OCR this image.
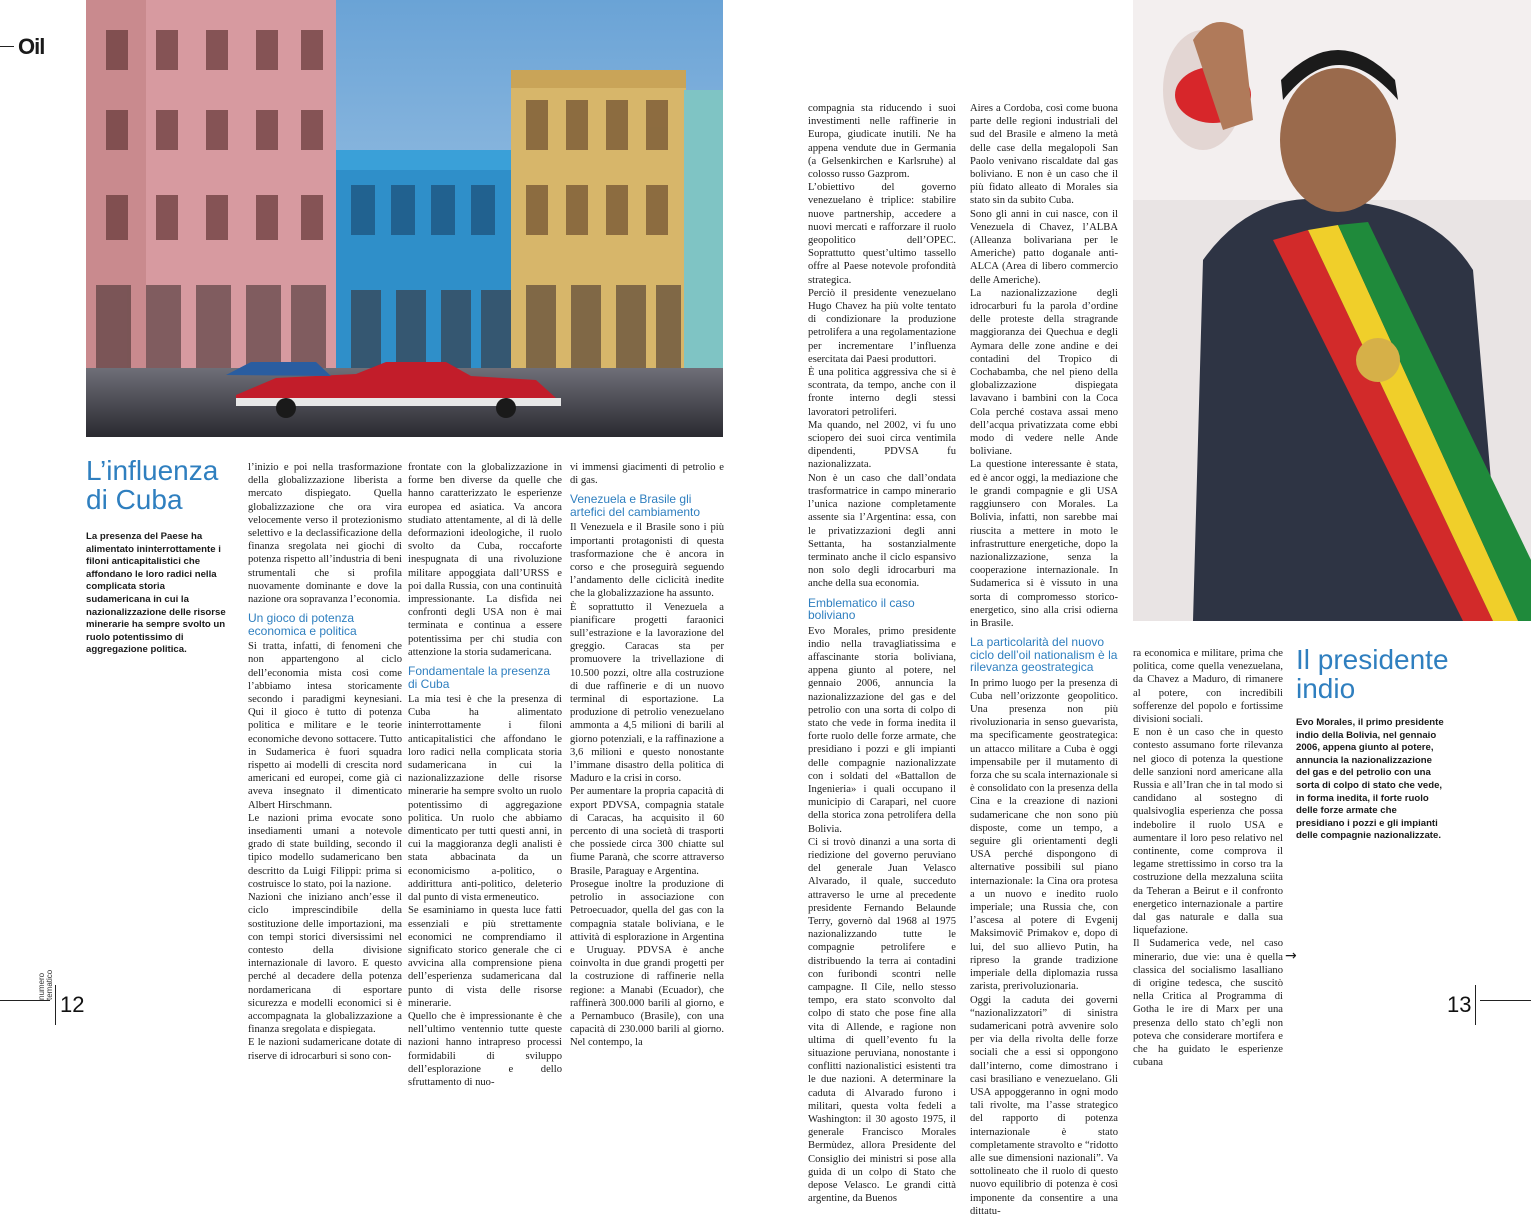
Oil
L’influenza di Cuba
La presenza del Paese ha alimentato ininterrottamente i filoni anticapitalistici che affondano le loro radici nella complicata storia sudamericana in cui la nazionalizzazione delle risorse minerarie ha sempre svolto un ruolo potentissimo di aggregazione politica.

l’inizio e poi nella trasformazione della globalizzazione liberista a mercato dispiegato. Quella globalizzazione che ora vira velocemente verso il protezionismo selettivo e la declassificazione della finanza sregolata nei giochi di potenza rispetto all’industria di beni strumentali che si profila nuovamente dominante e dove la nazione ora sopravanza l’economia.

Un gioco di potenza economica e politica

Si tratta, infatti, di fenomeni che non appartengono al ciclo dell’economia mista così come l’abbiamo intesa storicamente secondo i paradigmi keynesiani. Qui il gioco è tutto di potenza politica e militare e le teorie economiche devono sottacere. Tutto in Sudamerica è fuori squadra rispetto ai modelli di crescita nord americani ed europei, come già ci aveva insegnato il dimenticato Albert Hirschmann.

Le nazioni prima evocate sono insediamenti umani a notevole grado di state building, secondo il tipico modello sudamericano ben descritto da Luigi Filippi: prima si costruisce lo stato, poi la nazione.

Nazioni che iniziano anch’esse il ciclo imprescindibile della sostituzione delle importazioni, ma con tempi storici diversissimi nel contesto della divisione internazionale di lavoro. E questo perché al decadere della potenza nordamericana di esportare sicurezza e modelli economici si è accompagnata la globalizzazione a finanza sregolata e dispiegata.

E le nazioni sudamericane dotate di riserve di idrocarburi si sono con-

frontate con la globalizzazione in forme ben diverse da quelle che hanno caratterizzato le esperienze europea ed asiatica. Va ancora studiato attentamente, al di là delle deformazioni ideologiche, il ruolo svolto da Cuba, roccaforte inespugnata di una rivoluzione militare appoggiata dall’URSS e poi dalla Russia, con una continuità impressionante. La disfida nei confronti degli USA non è mai terminata e continua a essere potentissima per chi studia con attenzione la storia sudamericana.

Fondamentale la presenza di Cuba

La mia tesi è che la presenza di Cuba ha alimentato ininterrottamente i filoni anticapitalistici che affondano le loro radici nella complicata storia sudamericana in cui la nazionalizzazione delle risorse minerarie ha sempre svolto un ruolo potentissimo di aggregazione politica. Un ruolo che abbiamo dimenticato per tutti questi anni, in cui la maggioranza degli analisti è stata abbacinata da un economicismo a-politico, o addirittura anti-politico, deleterio dal punto di vista ermeneutico.

Se esaminiamo in questa luce fatti essenziali e più strettamente economici ne comprendiamo il significato storico generale che ci avvicina alla comprensione piena dell’esperienza sudamericana dal punto di vista delle risorse minerarie.

Quello che è impressionante è che nell’ultimo ventennio tutte queste nazioni hanno intrapreso processi formidabili di sviluppo dell’esplorazione e dello sfruttamento di nuo-

vi immensi giacimenti di petrolio e di gas.

Venezuela e Brasile gli artefici del cambiamento

Il Venezuela e il Brasile sono i più importanti protagonisti di questa trasformazione che è ancora in corso e che proseguirà seguendo l’andamento delle ciclicità inedite che la globalizzazione ha assunto.

È soprattutto il Venezuela a pianificare progetti faraonici sull’estrazione e la lavorazione del greggio. Caracas sta per promuovere la trivellazione di 10.500 pozzi, oltre alla costruzione di due raffinerie e di un nuovo terminal di esportazione. La produzione di petrolio venezuelano ammonta a 4,5 milioni di barili al giorno potenziali, e la raffinazione a 3,6 milioni e questo nonostante l’immane disastro della politica di Maduro e la crisi in corso.

Per aumentare la propria capacità di export PDVSA, compagnia statale di Caracas, ha acquisito il 60 percento di una società di trasporti che possiede circa 300 chiatte sul fiume Paranà, che scorre attraverso Brasile, Paraguay e Argentina.

Prosegue inoltre la produzione di petrolio in associazione con Petroecuador, quella del gas con la compagnia statale boliviana, e le attività di esplorazione in Argentina e Uruguay. PDVSA è anche coinvolta in due grandi progetti per la costruzione di raffinerie nella regione: a Manabì (Ecuador), che raffinerà 300.000 barili al giorno, e a Pernambuco (Brasile), con una capacità di 230.000 barili al giorno. Nel contempo, la

numero tematico
12

compagnia sta riducendo i suoi investimenti nelle raffinerie in Europa, giudicate inutili. Ne ha appena vendute due in Germania (a Gelsenkirchen e Karlsruhe) al colosso russo Gazprom.

L’obiettivo del governo venezuelano è triplice: stabilire nuove partnership, accedere a nuovi mercati e rafforzare il ruolo geopolitico dell’OPEC. Soprattutto quest’ultimo tassello offre al Paese notevole profondità strategica.

Perciò il presidente venezuelano Hugo Chavez ha più volte tentato di condizionare la produzione petrolifera a una regolamentazione per incrementare l’influenza esercitata dai Paesi produttori.

È una politica aggressiva che si è scontrata, da tempo, anche con il fronte interno degli stessi lavoratori petroliferi.

Ma quando, nel 2002, vi fu uno sciopero dei suoi circa ventimila dipendenti, PDVSA fu nazionalizzata.

Non è un caso che dall’ondata trasformatrice in campo minerario l’unica nazione completamente assente sia l’Argentina: essa, con le privatizzazioni degli anni Settanta, ha sostanzialmente terminato anche il ciclo espansivo non solo degli idrocarburi ma anche della sua economia.

Emblematico il caso boliviano

Evo Morales, primo presidente indio nella travagliatissima e affascinante storia boliviana, appena giunto al potere, nel gennaio 2006, annuncia la nazionalizzazione del gas e del petrolio con una sorta di colpo di stato che vede in forma inedita il forte ruolo delle forze armate, che presidiano i pozzi e gli impianti delle compagnie nazionalizzate con i soldati del «Battallon de Ingenieria» i quali occupano il municipio di Carapari, nel cuore della storica zona petrolifera della Bolivia.

Ci si trovò dinanzi a una sorta di riedizione del governo peruviano del generale Juan Velasco Alvarado, il quale, succeduto attraverso le urne al precedente presidente Fernando Belaunde Terry, governò dal 1968 al 1975 nazionalizzando tutte le compagnie petrolifere e distribuendo la terra ai contadini con furibondi scontri nelle campagne. Il Cile, nello stesso tempo, era stato sconvolto dal colpo di stato che pose fine alla vita di Allende, e ragione non ultima di quell’evento fu la situazione peruviana, nonostante i conflitti nazionalistici esistenti tra le due nazioni. A determinare la caduta di Alvarado furono i militari, questa volta fedeli a Washington: il 30 agosto 1975, il generale Francisco Morales Bermùdez, allora Presidente del Consiglio dei ministri si pose alla guida di un colpo di Stato che depose Velasco. Le grandi città argentine, da Buenos

Aires a Cordoba, così come buona parte delle regioni industriali del sud del Brasile e almeno la metà delle case della megalopoli San Paolo venivano riscaldate dal gas boliviano. E non è un caso che il più fidato alleato di Morales sia stato sin da subito Cuba.

Sono gli anni in cui nasce, con il Venezuela di Chavez, l’ALBA (Alleanza bolivariana per le Americhe) patto doganale anti-ALCA (Area di libero commercio delle Americhe).

La nazionalizzazione degli idrocarburi fu la parola d’ordine delle proteste della stragrande maggioranza dei Quechua e degli Aymara delle zone andine e dei contadini del Tropico di Cochabamba, che nel pieno della globalizzazione dispiegata lavavano i bambini con la Coca Cola perché costava assai meno dell’acqua privatizzata come ebbi modo di vedere nelle Ande boliviane.

La questione interessante è stata, ed è ancor oggi, la mediazione che le grandi compagnie e gli USA raggiunsero con Morales. La Bolivia, infatti, non sarebbe mai riuscita a mettere in moto le infrastrutture energetiche, dopo la nazionalizzazione, senza la cooperazione internazionale. In Sudamerica si è vissuto in una sorta di compromesso storico-energetico, sino alla crisi odierna in Brasile.

La particolarità del nuovo ciclo dell’oil nationalism è la rilevanza geostrategica

In primo luogo per la presenza di Cuba nell’orizzonte geopolitico. Una presenza non più rivoluzionaria in senso guevarista, ma specificamente geostrategica: un attacco militare a Cuba è oggi impensabile per il mutamento di forza che su scala internazionale si è consolidato con la presenza della Cina e la creazione di nazioni sudamericane che non sono più disposte, come un tempo, a seguire gli orientamenti degli USA perché dispongono di alternative possibili sul piano internazionale: la Cina ora protesa a un nuovo e inedito ruolo imperiale; una Russia che, con l’ascesa al potere di Evgenij Maksimovič Primakov e, dopo di lui, del suo allievo Putin, ha ripreso la grande tradizione imperiale della diplomazia russa zarista, prerivoluzionaria.

Oggi la caduta dei governi “nazionalizzatori” di sinistra sudamericani potrà avvenire solo per via della rivolta delle forze sociali che a essi si oppongono dall’interno, come dimostrano i casi brasiliano e venezuelano. Gli USA appoggeranno in ogni modo tali rivolte, ma l’asse strategico del rapporto di potenza internazionale è stato completamente stravolto e “ridotto alle sue dimensioni nazionali”. Va sottolineato che il ruolo di questo nuovo equilibrio di potenza è così imponente da consentire a una dittatu-

Il presidente indio
Evo Morales, il primo presidente indio della Bolivia, nel gennaio 2006, appena giunto al potere, annuncia la nazionalizzazione del gas e del petrolio con una sorta di colpo di stato che vede, in forma inedita, il forte ruolo delle forze armate che presidiano i pozzi e gli impianti delle compagnie nazionalizzate.

ra economica e militare, prima che politica, come quella venezuelana, da Chavez a Maduro, di rimanere al potere, con incredibili sofferenze del popolo e fortissime divisioni sociali.

E non è un caso che in questo contesto assumano forte rilevanza nel gioco di potenza la questione delle sanzioni nord americane alla Russia e all’Iran che in tal modo si candidano al sostegno di qualsivoglia esperienza che possa indebolire il ruolo USA e aumentare il loro peso relativo nel continente, come comprova il legame strettissimo in corso tra la costruzione della mezzaluna sciita da Teheran a Beirut e il confronto energetico internazionale a partire dal gas naturale e dalla sua liquefazione.

Il Sudamerica vede, nel caso minerario, due vie: una è quella classica del socialismo lasalliano di origine tedesca, che suscitò nella Critica al Programma di Gotha le ire di Marx per una presenza dello stato ch’egli non poteva che considerare mortifera e che ha guidato le esperienze cubana

→
13
